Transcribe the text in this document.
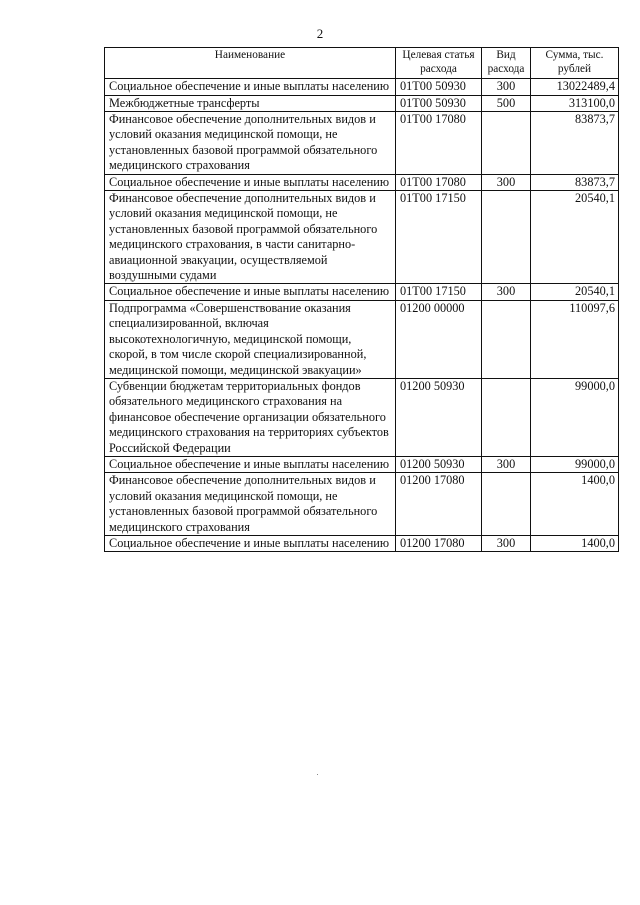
2
Наименование	Целевая статья расхода	Вид расхода	Сумма, тыс. рублей
Социальное обеспечение и иные выплаты населению	01Т00 50930	300	13022489,4
Межбюджетные трансферты	01Т00 50930	500	313100,0
Финансовое обеспечение дополнительных видов и условий оказания медицинской помощи, не установленных базовой программой обязательного медицинского страхования	01Т00 17080		83873,7
Социальное обеспечение и иные выплаты населению	01Т00 17080	300	83873,7
Финансовое обеспечение дополнительных видов и условий оказания медицинской помощи, не установленных базовой программой обязательного медицинского страхования, в части санитарно-авиационной эвакуации, осуществляемой воздушными судами	01Т00 17150		20540,1
Социальное обеспечение и иные выплаты населению	01Т00 17150	300	20540,1
Подпрограмма «Совершенствование оказания специализированной, включая высокотехнологичную, медицинской помощи, скорой, в том числе скорой специализированной, медицинской помощи, медицинской эвакуации»	01200 00000		110097,6
Субвенции бюджетам территориальных фондов обязательного медицинского страхования на финансовое обеспечение организации обязательного медицинского страхования на территориях субъектов Российской Федерации	01200 50930		99000,0
Социальное обеспечение и иные выплаты населению	01200 50930	300	99000,0
Финансовое обеспечение дополнительных видов и условий оказания медицинской помощи, не установленных базовой программой обязательного медицинского страхования	01200 17080		1400,0
Социальное обеспечение и иные выплаты населению	01200 17080	300	1400,0
